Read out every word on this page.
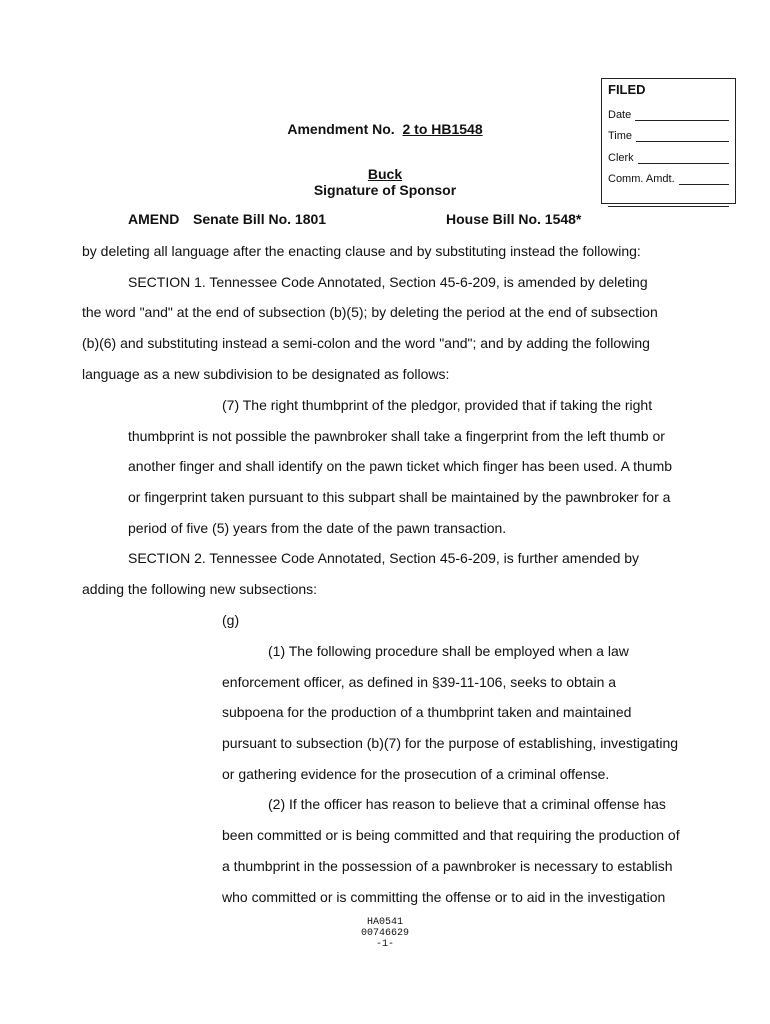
FILED
Date
Time
Clerk
Comm. Amdt.
Amendment No. 2 to HB1548
Buck
Signature of Sponsor
AMEND Senate Bill No. 1801	House Bill No. 1548*
by deleting all language after the enacting clause and by substituting instead the following:
SECTION 1. Tennessee Code Annotated, Section 45-6-209, is amended by deleting
the word "and" at the end of subsection (b)(5); by deleting the period at the end of subsection
(b)(6) and substituting instead a semi-colon and the word "and"; and by adding the following
language as a new subdivision to be designated as follows:
(7) The right thumbprint of the pledgor, provided that if taking the right
thumbprint is not possible the pawnbroker shall take a fingerprint from the left thumb or
another finger and shall identify on the pawn ticket which finger has been used. A thumb
or fingerprint taken pursuant to this subpart shall be maintained by the pawnbroker for a
period of five (5) years from the date of the pawn transaction.
SECTION 2. Tennessee Code Annotated, Section 45-6-209, is further amended by
adding the following new subsections:
(g)
(1) The following procedure shall be employed when a law
enforcement officer, as defined in §39-11-106, seeks to obtain a
subpoena for the production of a thumbprint taken and maintained
pursuant to subsection (b)(7) for the purpose of establishing, investigating
or gathering evidence for the prosecution of a criminal offense.
(2) If the officer has reason to believe that a criminal offense has
been committed or is being committed and that requiring the production of
a thumbprint in the possession of a pawnbroker is necessary to establish
who committed or is committing the offense or to aid in the investigation
HA0541
00746629
-1-
